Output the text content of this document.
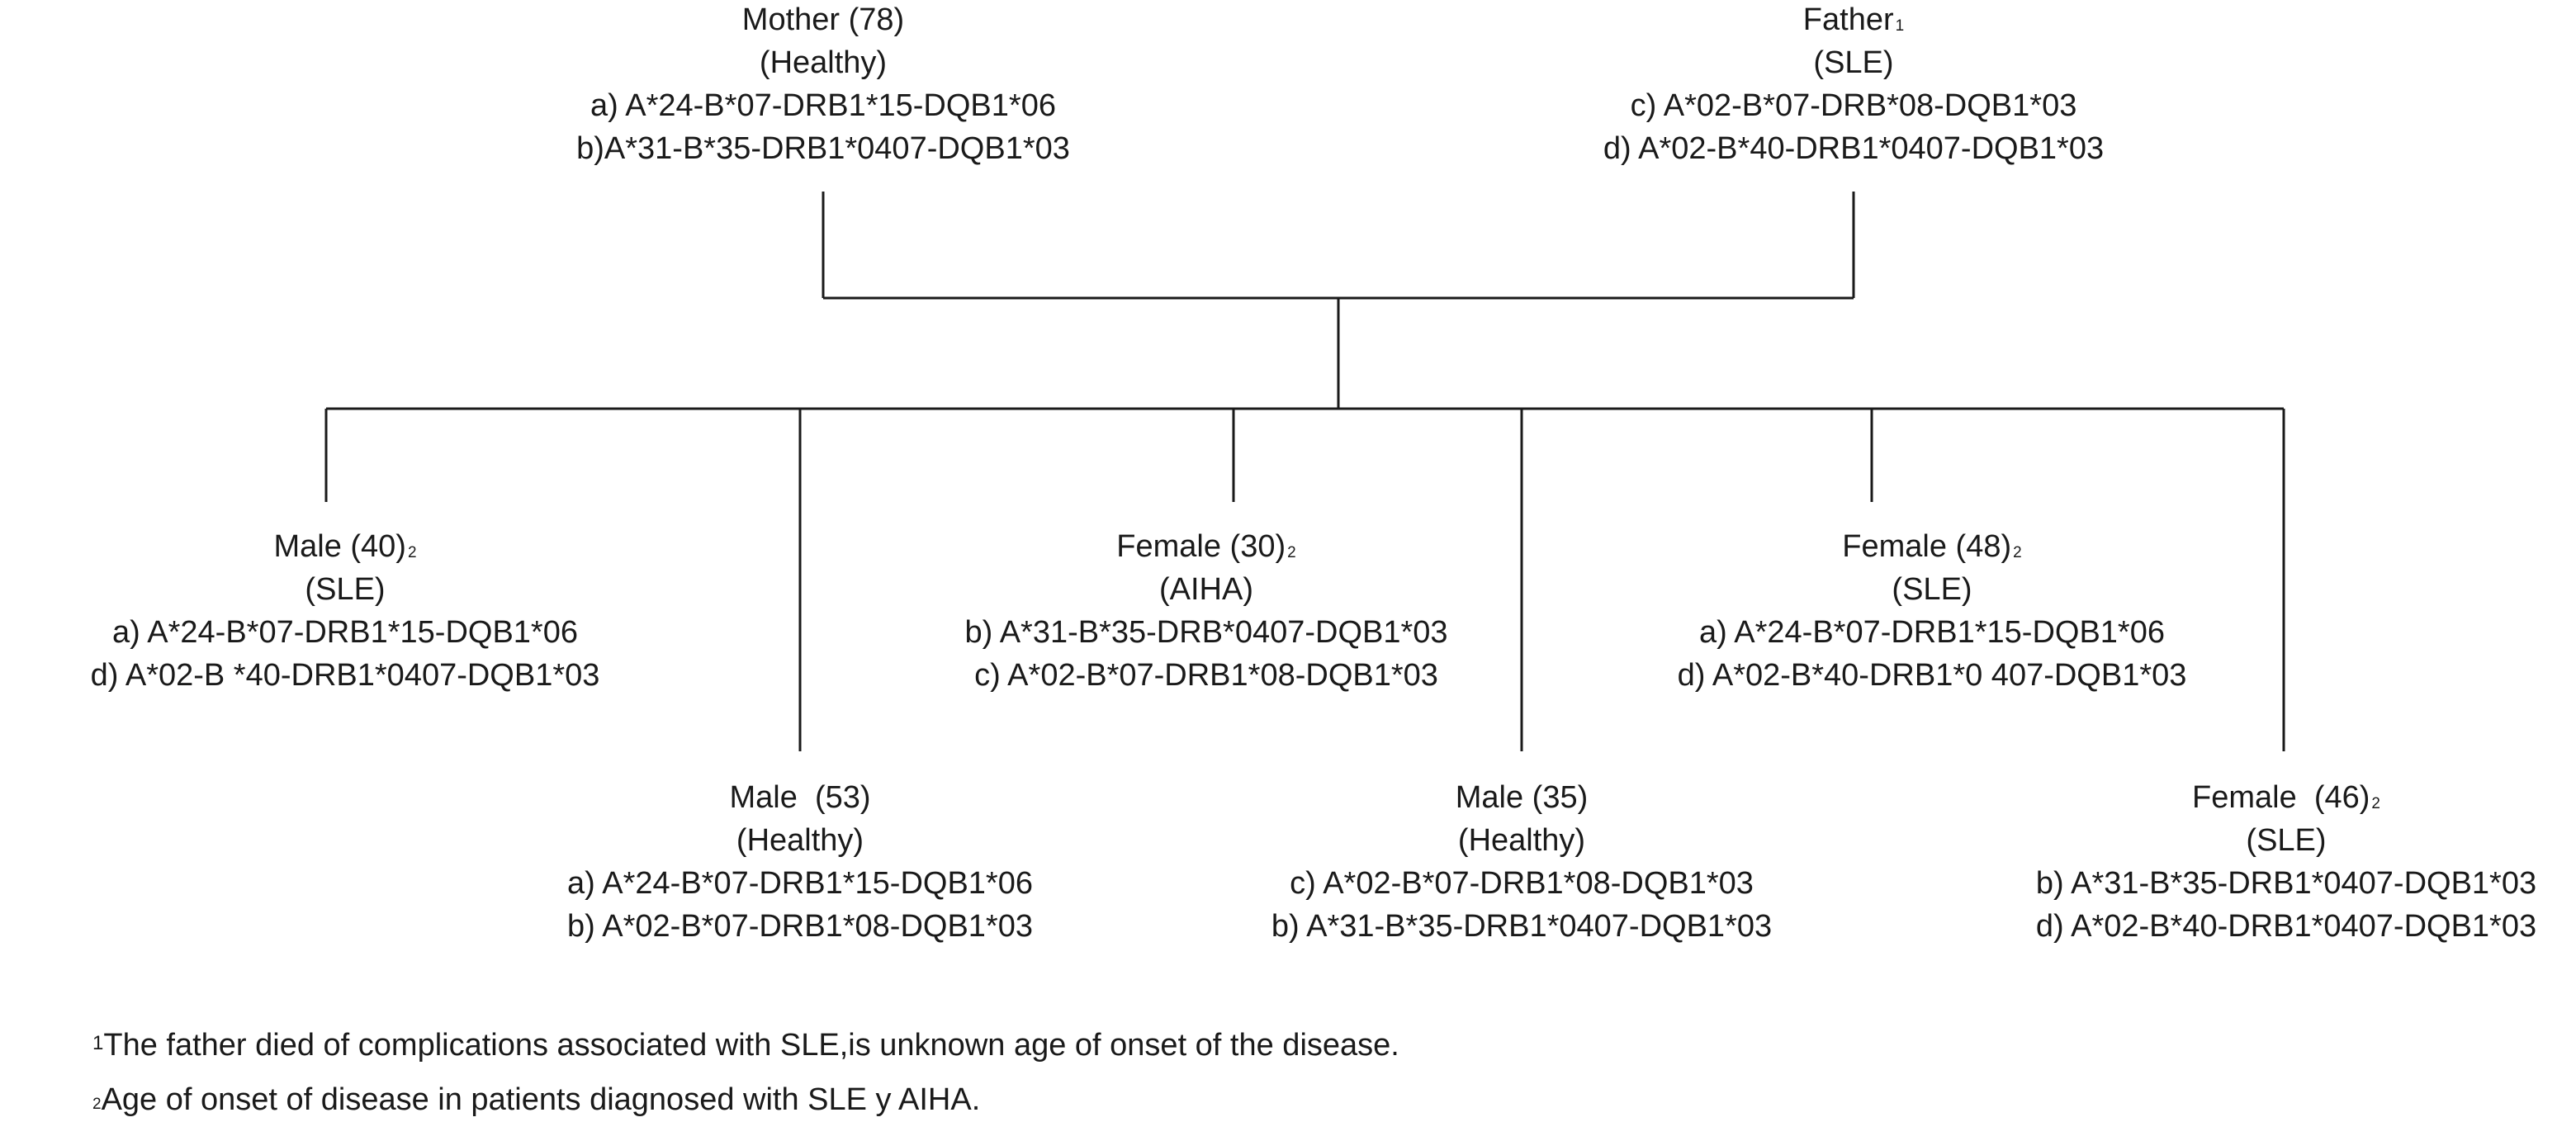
Mother (78)
(Healthy)
a) A*24-B*07-DRB1*15-DQB1*06
b)A*31-B*35-DRB1*0407-DQB1*03
Father $^1$
(SLE)
c) A*02-B*07-DRB*08-DQB1*03
d) A*02-B*40-DRB1*0407-DQB1*03
Male (40) $^2$
(SLE)
a) A*24-B*07-DRB1*15-DQB1*06
d) A*02-B *40-DRB1*0407-DQB1*03
Female (30) $^2$
(AIHA)
b) A*31-B*35-DRB*0407-DQB1*03
c) A*02-B*07-DRB1*08-DQB1*03
Female (48) $^2$
(SLE)
a) A*24-B*07-DRB1*15-DQB1*06
d) A*02-B*40-DRB1*0 407-DQB1*03
Male  (53)
(Healthy)
a) A*24-B*07-DRB1*15-DQB1*06
b) A*02-B*07-DRB1*08-DQB1*03
Male (35)
(Healthy)
c) A*02-B*07-DRB1*08-DQB1*03
b) A*31-B*35-DRB1*0407-DQB1*03
Female  (46) $^2$
(SLE)
b) A*31-B*35-DRB1*0407-DQB1*03
d) A*02-B*40-DRB1*0407-DQB1*03
$^1$The father died of complications associated with SLE,is unknown age of onset of the disease.
$^2$Age of onset of disease in patients diagnosed with SLE y AIHA.
